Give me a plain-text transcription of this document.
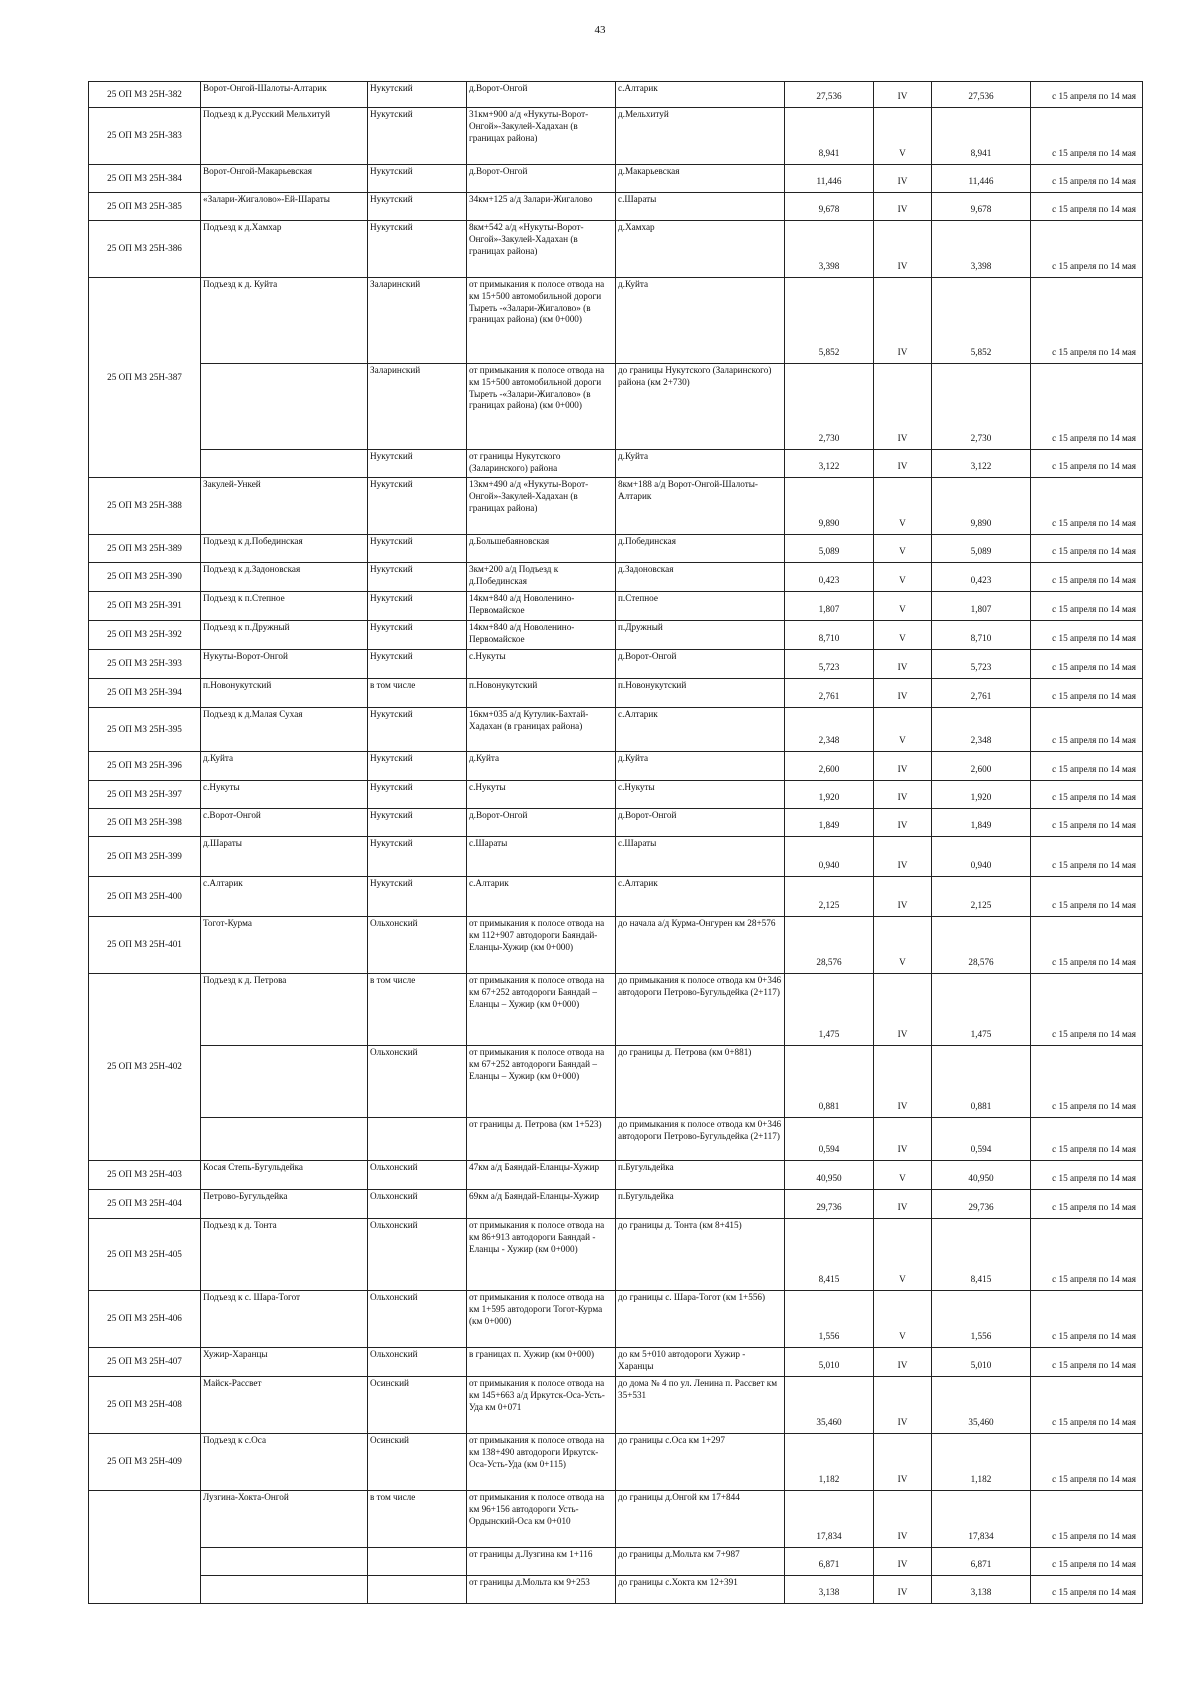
43
25 ОП МЗ 25Н-382	Ворот-Онгой-Шалоты-Алтарик	Нукутский	д.Ворот-Онгой	с.Алтарик	27,536	IV	27,536	с 15 апреля по 14 мая
25 ОП МЗ 25Н-383	Подъезд к д.Русский Мельхитуй	Нукутский	31км+900 а/д «Нукуты-Ворот-Онгой»-Закулей-Хадахан (в границах района)	д.Мельхитуй	8,941	V	8,941	с 15 апреля по 14 мая
25 ОП МЗ 25Н-384	Ворот-Онгой-Макарьевская	Нукутский	д.Ворот-Онгой	д.Макарьевская	11,446	IV	11,446	с 15 апреля по 14 мая
25 ОП МЗ 25Н-385	«Залари-Жигалово»-Ей-Шараты	Нукутский	34км+125 а/д Залари-Жигалово	с.Шараты	9,678	IV	9,678	с 15 апреля по 14 мая
25 ОП МЗ 25Н-386	Подъезд к д.Хамхар	Нукутский	8км+542 а/д «Нукуты-Ворот-Онгой»-Закулей-Хадахан (в границах района)	д.Хамхар	3,398	IV	3,398	с 15 апреля по 14 мая
25 ОП МЗ 25Н-387	Подъезд к д. Куйта	Заларинский	от примыкания к полосе отвода на км 15+500 автомобильной дороги Тыреть -«Залари-Жигалово» (в границах района) (км 0+000)	д.Куйта	5,852	IV	5,852	с 15 апреля по 14 мая
		Заларинский	от примыкания к полосе отвода на км 15+500 автомобильной дороги Тыреть -«Залари-Жигалово» (в границах района) (км 0+000)	до границы Нукутского (Заларинского) района (км 2+730)	2,730	IV	2,730	с 15 апреля по 14 мая
		Нукутский	от границы Нукутского (Заларинского) района	д.Куйта	3,122	IV	3,122	с 15 апреля по 14 мая
25 ОП МЗ 25Н-388	Закулей-Ункей	Нукутский	13км+490 а/д «Нукуты-Ворот-Онгой»-Закулей-Хадахан (в границах района)	8км+188 а/д Ворот-Онгой-Шалоты-Алтарик	9,890	V	9,890	с 15 апреля по 14 мая
25 ОП МЗ 25Н-389	Подъезд к д.Побединская	Нукутский	д.Большебаяновская	д.Побединская	5,089	V	5,089	с 15 апреля по 14 мая
25 ОП МЗ 25Н-390	Подъезд к д.Задоновская	Нукутский	3км+200 а/д Подъезд к д.Побединская	д.Задоновская	0,423	V	0,423	с 15 апреля по 14 мая
25 ОП МЗ 25Н-391	Подъезд к п.Степное	Нукутский	14км+840 а/д Новоленино-Первомайское	п.Степное	1,807	V	1,807	с 15 апреля по 14 мая
25 ОП МЗ 25Н-392	Подъезд к п.Дружный	Нукутский	14км+840 а/д Новоленино-Первомайское	п.Дружный	8,710	V	8,710	с 15 апреля по 14 мая
25 ОП МЗ 25Н-393	Нукуты-Ворот-Онгой	Нукутский	с.Нукуты	д.Ворот-Онгой	5,723	IV	5,723	с 15 апреля по 14 мая
25 ОП МЗ 25Н-394	п.Новонукутский	в том числе	п.Новонукутский	п.Новонукутский	2,761	IV	2,761	с 15 апреля по 14 мая
25 ОП МЗ 25Н-395	Подъезд к д.Малая Сухая	Нукутский	16км+035 а/д Кутулик-Бахтай-Хадахан (в границах района)	с.Алтарик	2,348	V	2,348	с 15 апреля по 14 мая
25 ОП МЗ 25Н-396	д.Куйта	Нукутский	д.Куйта	д.Куйта	2,600	IV	2,600	с 15 апреля по 14 мая
25 ОП МЗ 25Н-397	с.Нукуты	Нукутский	с.Нукуты	с.Нукуты	1,920	IV	1,920	с 15 апреля по 14 мая
25 ОП МЗ 25Н-398	с.Ворот-Онгой	Нукутский	д.Ворот-Онгой	д.Ворот-Онгой	1,849	IV	1,849	с 15 апреля по 14 мая
25 ОП МЗ 25Н-399	д.Шараты	Нукутский	с.Шараты	с.Шараты	0,940	IV	0,940	с 15 апреля по 14 мая
25 ОП МЗ 25Н-400	с.Алтарик	Нукутский	с.Алтарик	с.Алтарик	2,125	IV	2,125	с 15 апреля по 14 мая
25 ОП МЗ 25Н-401	Тогот-Курма	Ольхонский	от примыкания к полосе отвода на км 112+907 автодороги Баяндай-Еланцы-Хужир (км 0+000)	до начала а/д Курма-Онгурен км 28+576	28,576	V	28,576	с 15 апреля по 14 мая
25 ОП МЗ 25Н-402	Подъезд к д. Петрова	в том числе	от примыкания к полосе отвода на км 67+252 автодороги Баяндай – Еланцы – Хужир (км 0+000)	до примыкания к полосе отвода км 0+346 автодороги Петрово-Бугульдейка (2+117)	1,475	IV	1,475	с 15 апреля по 14 мая
		Ольхонский	от примыкания к полосе отвода на км 67+252 автодороги Баяндай – Еланцы – Хужир (км 0+000)	до границы д. Петрова (км 0+881)	0,881	IV	0,881	с 15 апреля по 14 мая
			от границы д. Петрова (км 1+523)	до примыкания к полосе отвода км 0+346 автодороги Петрово-Бугульдейка (2+117)	0,594	IV	0,594	с 15 апреля по 14 мая
25 ОП МЗ 25Н-403	Косая Степь-Бугульдейка	Ольхонский	47км а/д Баяндай-Еланцы-Хужир	п.Бугульдейка	40,950	V	40,950	с 15 апреля по 14 мая
25 ОП МЗ 25Н-404	Петрово-Бугульдейка	Ольхонский	69км а/д Баяндай-Еланцы-Хужир	п.Бугульдейка	29,736	IV	29,736	с 15 апреля по 14 мая
25 ОП МЗ 25Н-405	Подъезд к д. Тонта	Ольхонский	от примыкания к полосе отвода на км 86+913 автодороги Баяндай - Еланцы - Хужир (км 0+000)	до границы д. Тонта (км 8+415)	8,415	V	8,415	с 15 апреля по 14 мая
25 ОП МЗ 25Н-406	Подъезд к с. Шара-Тогот	Ольхонский	от примыкания к полосе отвода на км 1+595 автодороги Тогот-Курма (км 0+000)	до границы с. Шара-Тогот (км 1+556)	1,556	V	1,556	с 15 апреля по 14 мая
25 ОП МЗ 25Н-407	Хужир-Харанцы	Ольхонский	в границах п. Хужир (км 0+000)	до км 5+010 автодороги Хужир - Харанцы	5,010	IV	5,010	с 15 апреля по 14 мая
25 ОП МЗ 25Н-408	Майск-Рассвет	Осинский	от примыкания к полосе отвода на км 145+663 а/д Иркутск-Оса-Усть-Уда км 0+071	до дома № 4 по ул. Ленина п. Рассвет км 35+531	35,460	IV	35,460	с 15 апреля по 14 мая
25 ОП МЗ 25Н-409	Подъезд к с.Оса	Осинский	от примыкания к полосе отвода на км 138+490 автодороги Иркутск-Оса-Усть-Уда (км 0+115)	до границы с.Оса км 1+297	1,182	IV	1,182	с 15 апреля по 14 мая
	Лузгина-Хокта-Онгой	в том числе	от примыкания к полосе отвода на км 96+156 автодороги Усть-Ордынский-Оса км 0+010	до границы д.Онгой км 17+844	17,834	IV	17,834	с 15 апреля по 14 мая
			от границы д.Лузгина км 1+116	до границы д.Мольта км 7+987	6,871	IV	6,871	с 15 апреля по 14 мая
			от границы д.Мольта км 9+253	до границы с.Хокта км 12+391	3,138	IV	3,138	с 15 апреля по 14 мая
